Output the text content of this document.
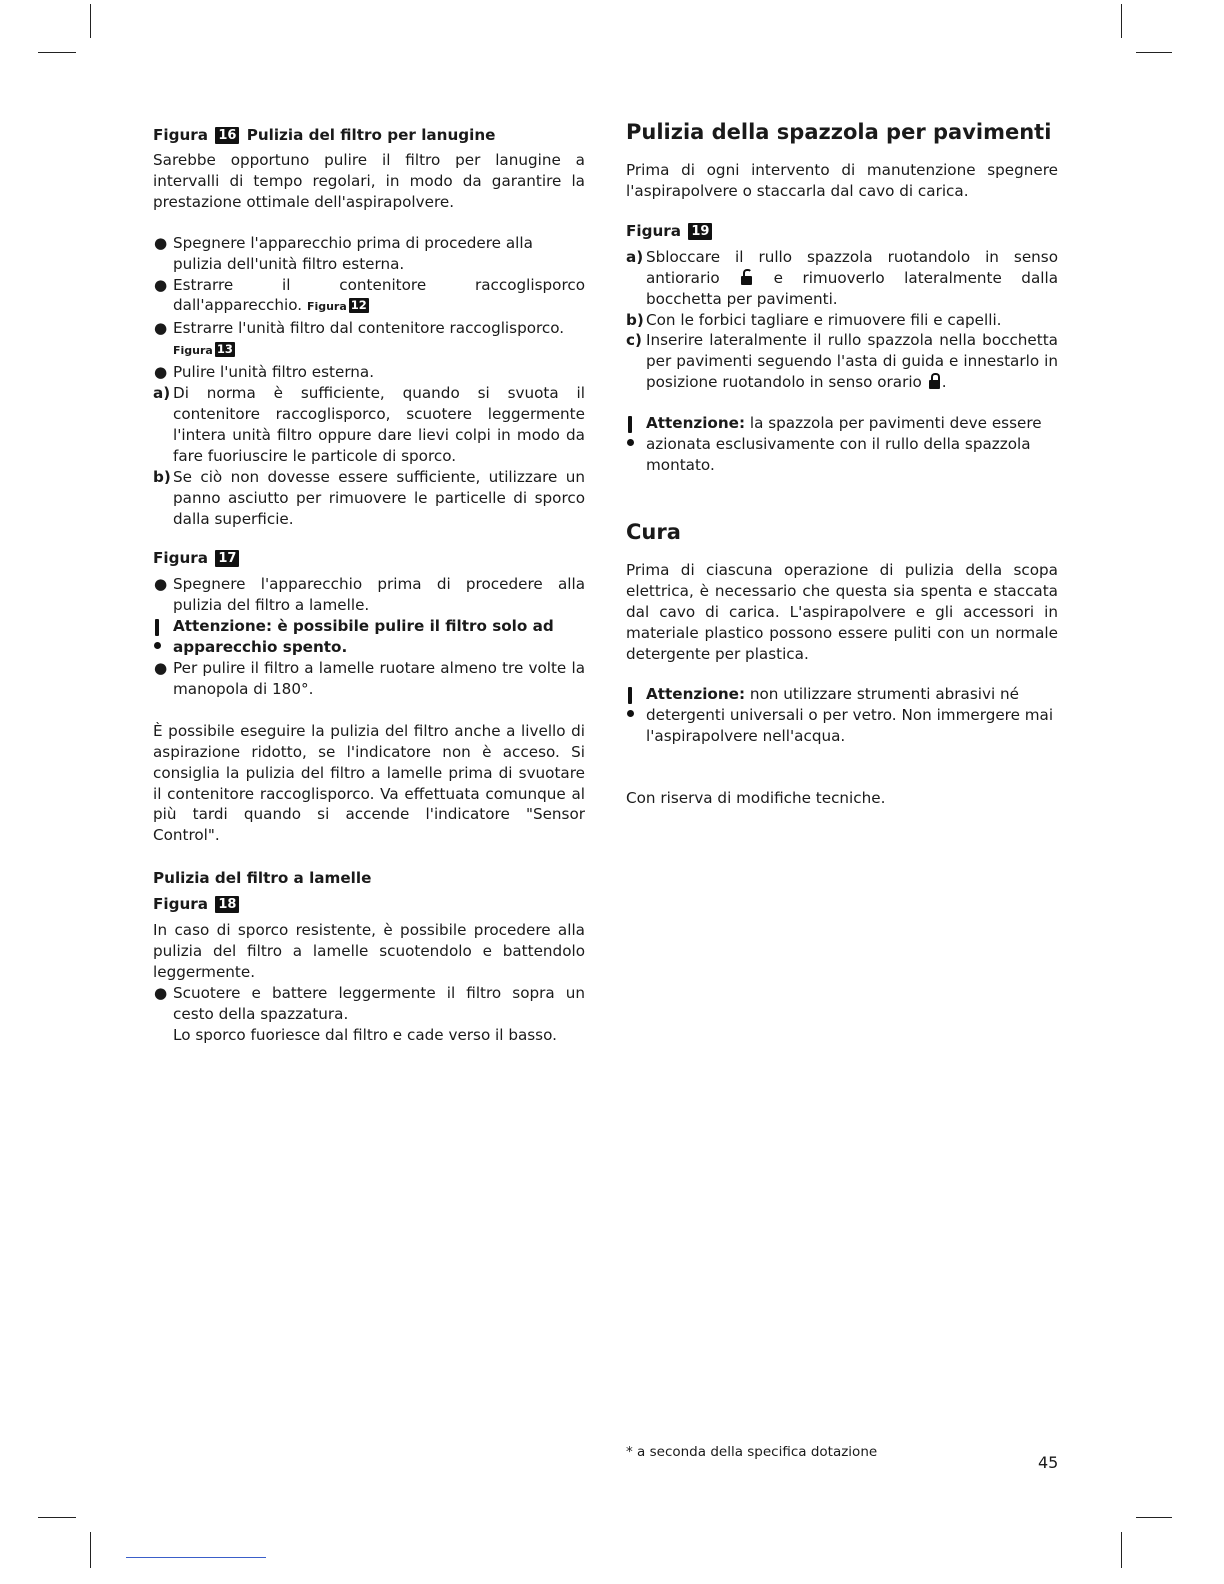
Figura 16 Pulizia del filtro per lanugine

Sarebbe opportuno pulire il filtro per lanugine a intervalli di tempo regolari, in modo da garantire la prestazione ottimale dell'aspirapolvere.

● Spegnere l'apparecchio prima di procedere alla pulizia dell'unità filtro esterna.
● Estrarre il contenitore raccoglisporco dall'apparecchio. Figura 12
● Estrarre l'unità filtro dal contenitore raccoglisporco.
Figura 13
● Pulire l'unità filtro esterna.
a) Di norma è sufficiente, quando si svuota il contenitore raccoglisporco, scuotere leggermente l'intera unità filtro oppure dare lievi colpi in modo da fare fuoriuscire le particole di sporco.
b) Se ciò non dovesse essere sufficiente, utilizzare un panno asciutto per rimuovere le particelle di sporco dalla superficie.
Figura 17
● Spegnere l'apparecchio prima di procedere alla pulizia del filtro a lamelle.
Attenzione: è possibile pulire il filtro solo ad apparecchio spento.
● Per pulire il filtro a lamelle ruotare almeno tre volte la manopola di 180°.

È possibile eseguire la pulizia del filtro anche a livello di aspirazione ridotto, se l'indicatore non è acceso. Si consiglia la pulizia del filtro a lamelle prima di svuotare il contenitore raccoglisporco. Va effettuata comunque al più tardi quando si accende l'indicatore "Sensor Control".

Pulizia del filtro a lamelle
Figura 18

In caso di sporco resistente, è possibile procedere alla pulizia del filtro a lamelle scuotendolo e battendolo leggermente.

● Scuotere e battere leggermente il filtro sopra un cesto della spazzatura.
Lo sporco fuoriesce dal filtro e cade verso il basso.
Pulizia della spazzola per pavimenti

Prima di ogni intervento di manutenzione spegnere l'aspirapolvere o staccarla dal cavo di carica.

Figura 19
a) Sbloccare il rullo spazzola ruotandolo in senso antiorario	e rimuoverlo lateralmente dalla bocchetta per pavimenti.
b) Con le forbici tagliare e rimuovere fili e capelli.
c) Inserire lateralmente il rullo spazzola nella bocchetta per pavimenti seguendo l'asta di guida e innestarlo in posizione ruotandolo in senso orario .
Attenzione: la spazzola per pavimenti deve essere azionata esclusivamente con il rullo della spazzola montato.
Cura

Prima di ciascuna operazione di pulizia della scopa elettrica, è necessario che questa sia spenta e staccata dal cavo di carica. L'aspirapolvere e gli accessori in materiale plastico possono essere puliti con un normale detergente per plastica.

Attenzione: non utilizzare strumenti abrasivi né detergenti universali o per vetro. Non immergere mai l'aspirapolvere nell'acqua.

Con riserva di modifiche tecniche.

* a seconda della specifica dotazione
45
